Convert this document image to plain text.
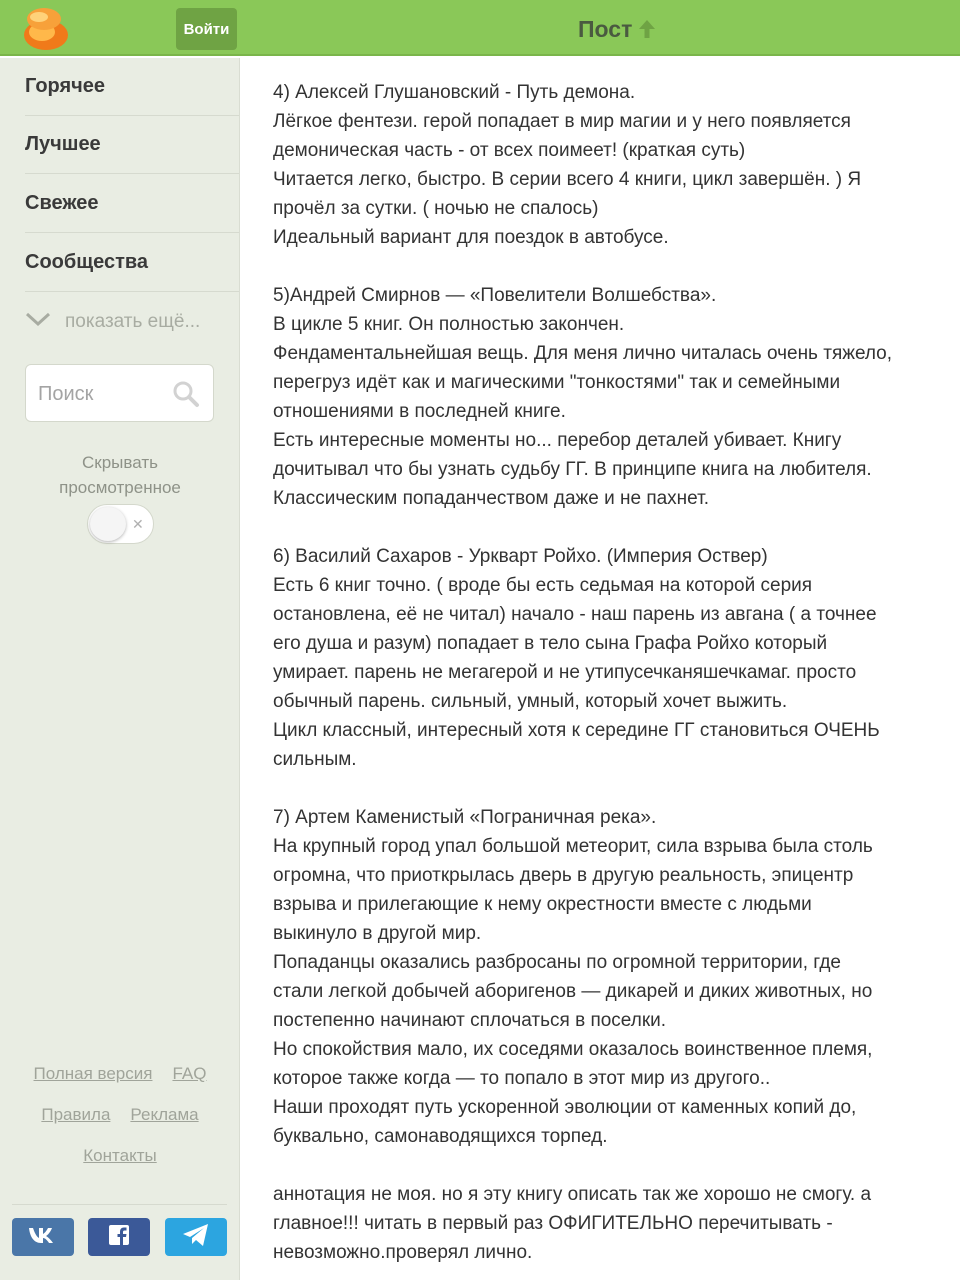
Войти	Пост
Горячее
Лучшее
Свежее
Сообщества
показать ещё...
Поиск
Скрывать
просмотренное
✕
Полная версия FAQ
Правила Реклама
Контакты
4) Алексей Глушановский - Путь демона.
Лёгкое фентези. герой попадает в мир магии и у него появляется
демоническая часть - от всех поимеет! (краткая суть)
Читается легко, быстро. В серии всего 4 книги, цикл завершён. ) Я
прочёл за сутки. ( ночью не спалось)
Идеальный вариант для поездок в автобусе.
5)Андрей Смирнов — «Повелители Волшебства».
В цикле 5 книг. Он полностью закончен.
Фендаментальнейшая вещь. Для меня лично читалась очень тяжело,
перегруз идёт как и магическими "тонкостями" так и семейными
отношениями в последней книге.
Есть интересные моменты но... перебор деталей убивает. Книгу
дочитывал что бы узнать судьбу ГГ. В принципе книга на любителя.
Классическим попаданчеством даже и не пахнет.
6) Василий Сахаров - Уркварт Ройхо. (Империя Оствер)
Есть 6 книг точно. ( вроде бы есть седьмая на которой серия
остановлена, её не читал) начало - наш парень из авгана ( а точнее
его душа и разум) попадает в тело сына Графа Ройхо который
умирает. парень не мегагерой и не утипусечканяшечкамаг. просто
обычный парень. сильный, умный, который хочет выжить.
Цикл классный, интересный хотя к середине ГГ становиться ОЧЕНЬ
сильным.
7) Артем Каменистый «Пограничная река».
На крупный город упал большой метеорит, сила взрыва была столь
огромна, что приоткрылась дверь в другую реальность, эпицентр
взрыва и прилегающие к нему окрестности вместе с людьми
выкинуло в другой мир.
Попаданцы оказались разбросаны по огромной территории, где
стали легкой добычей аборигенов — дикарей и диких животных, но
постепенно начинают сплочаться в поселки.
Но спокойствия мало, их соседями оказалось воинственное племя,
которое также когда — то попало в этот мир из другого..
Наши проходят путь ускоренной эволюции от каменных копий до,
буквально, самонаводящихся торпед.
аннотация не моя. но я эту книгу описать так же хорошо не смогу. а
главное!!! читать в первый раз ОФИГИТЕЛЬНО перечитывать -
невозможно.проверял лично.
